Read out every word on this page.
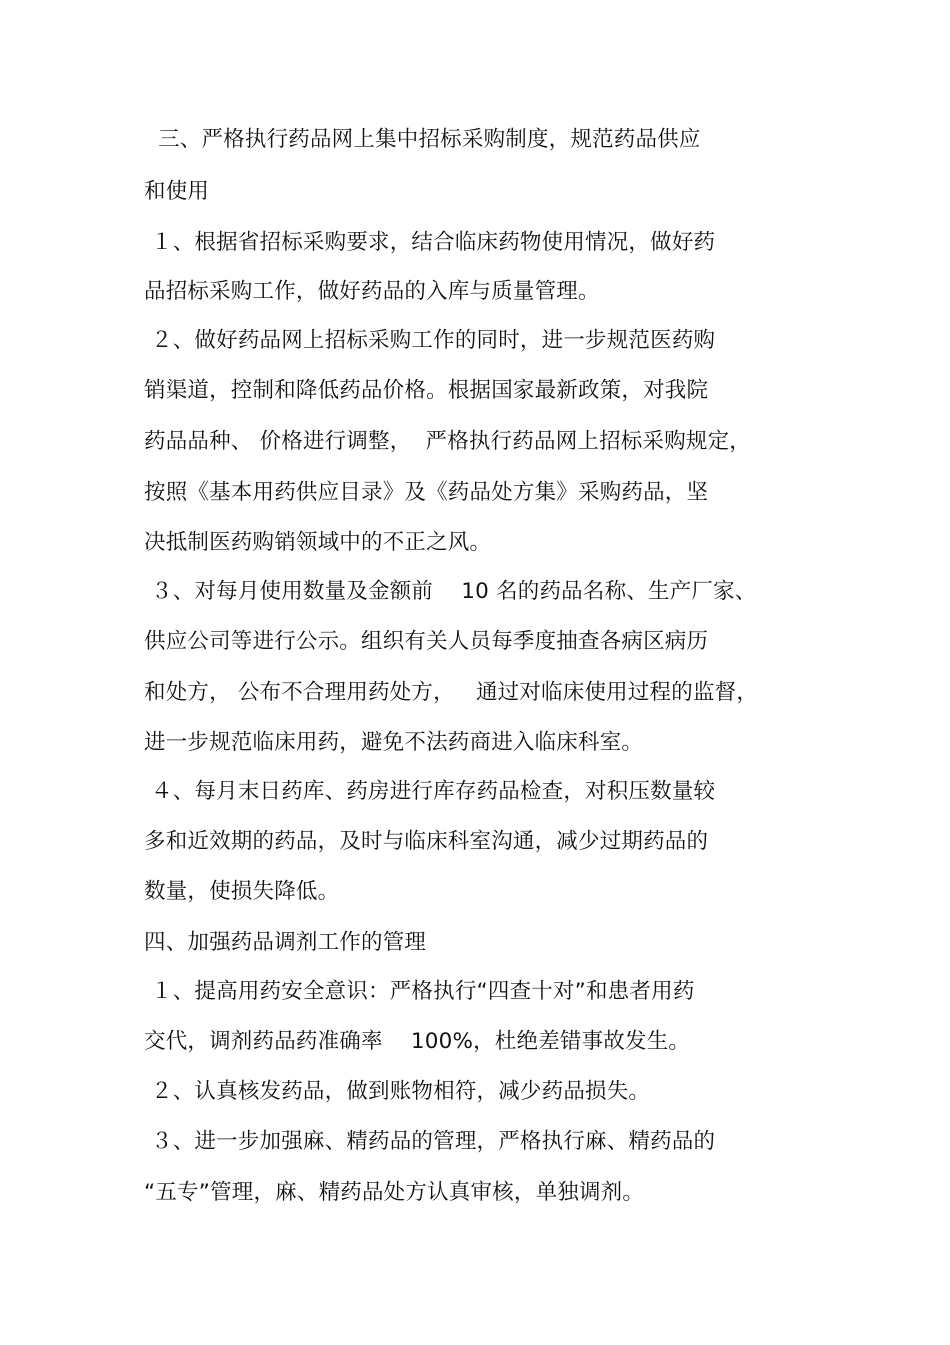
三、严格执行药品网上集中招标采购制度，规范药品供应
和使用
１、根据省招标采购要求，结合临床药物使用情况，做好药
品招标采购工作，做好药品的入库与质量管理。
２、做好药品网上招标采购工作的同时，进一步规范医药购
销渠道，控制和降低药品价格。根据国家最新政策，对我院
药品品种、 价格进行调整，  严格执行药品网上招标采购规定，
按照《基本用药供应目录》及《药品处方集》采购药品，坚
决抵制医药购销领域中的不正之风。
３、对每月使用数量及金额前    10 名的药品名称、生产厂家、
供应公司等进行公示。组织有关人员每季度抽查各病区病历
和处方， 公布不合理用药处方，   通过对临床使用过程的监督，
进一步规范临床用药，避免不法药商进入临床科室。
４、每月末日药库、药房进行库存药品检查，对积压数量较
多和近效期的药品，及时与临床科室沟通，减少过期药品的
数量，使损失降低。
四、加强药品调剂工作的管理
１、提高用药安全意识：严格执行“四查十对”和患者用药
交代，调剂药品药准确率    100%，杜绝差错事故发生。
２、认真核发药品，做到账物相符，减少药品损失。
３、进一步加强麻、精药品的管理，严格执行麻、精药品的
“五专”管理，麻、精药品处方认真审核，单独调剂。
